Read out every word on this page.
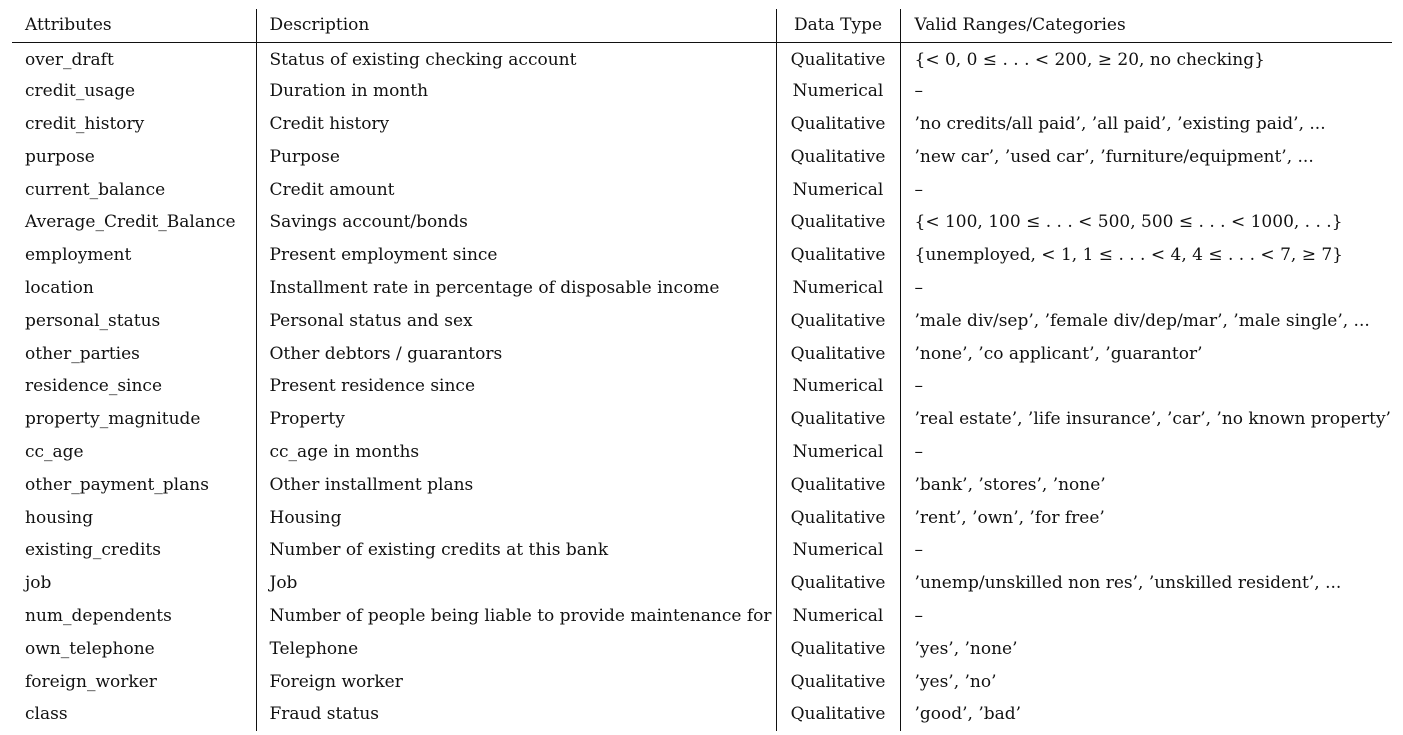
Attributes	Description	Data Type	Valid Ranges/Categories
over_draft	Status of existing checking account	Qualitative	{< 0, 0 ≤ . . . < 200, ≥ 20, no checking}
credit_usage	Duration in month	Numerical	–
credit_history	Credit history	Qualitative	’no credits/all paid’, ’all paid’, ’existing paid’, ...
purpose	Purpose	Qualitative	’new car’, ’used car’, ’furniture/equipment’, ...
current_balance	Credit amount	Numerical	–
Average_Credit_Balance	Savings account/bonds	Qualitative	{< 100, 100 ≤ . . . < 500, 500 ≤ . . . < 1000, . . .}
employment	Present employment since	Qualitative	{unemployed, < 1, 1 ≤ . . . < 4, 4 ≤ . . . < 7, ≥ 7}
location	Installment rate in percentage of disposable income	Numerical	–
personal_status	Personal status and sex	Qualitative	’male div/sep’, ’female div/dep/mar’, ’male single’, ...
other_parties	Other debtors / guarantors	Qualitative	’none’, ’co applicant’, ’guarantor’
residence_since	Present residence since	Numerical	–
property_magnitude	Property	Qualitative	’real estate’, ’life insurance’, ’car’, ’no known property’
cc_age	cc_age in months	Numerical	–
other_payment_plans	Other installment plans	Qualitative	’bank’, ’stores’, ’none’
housing	Housing	Qualitative	’rent’, ’own’, ’for free’
existing_credits	Number of existing credits at this bank	Numerical	–
job	Job	Qualitative	’unemp/unskilled non res’, ’unskilled resident’, ...
num_dependents	Number of people being liable to provide maintenance for	Numerical	–
own_telephone	Telephone	Qualitative	’yes’, ’none’
foreign_worker	Foreign worker	Qualitative	’yes’, ’no’
class	Fraud status	Qualitative	’good’, ’bad’
